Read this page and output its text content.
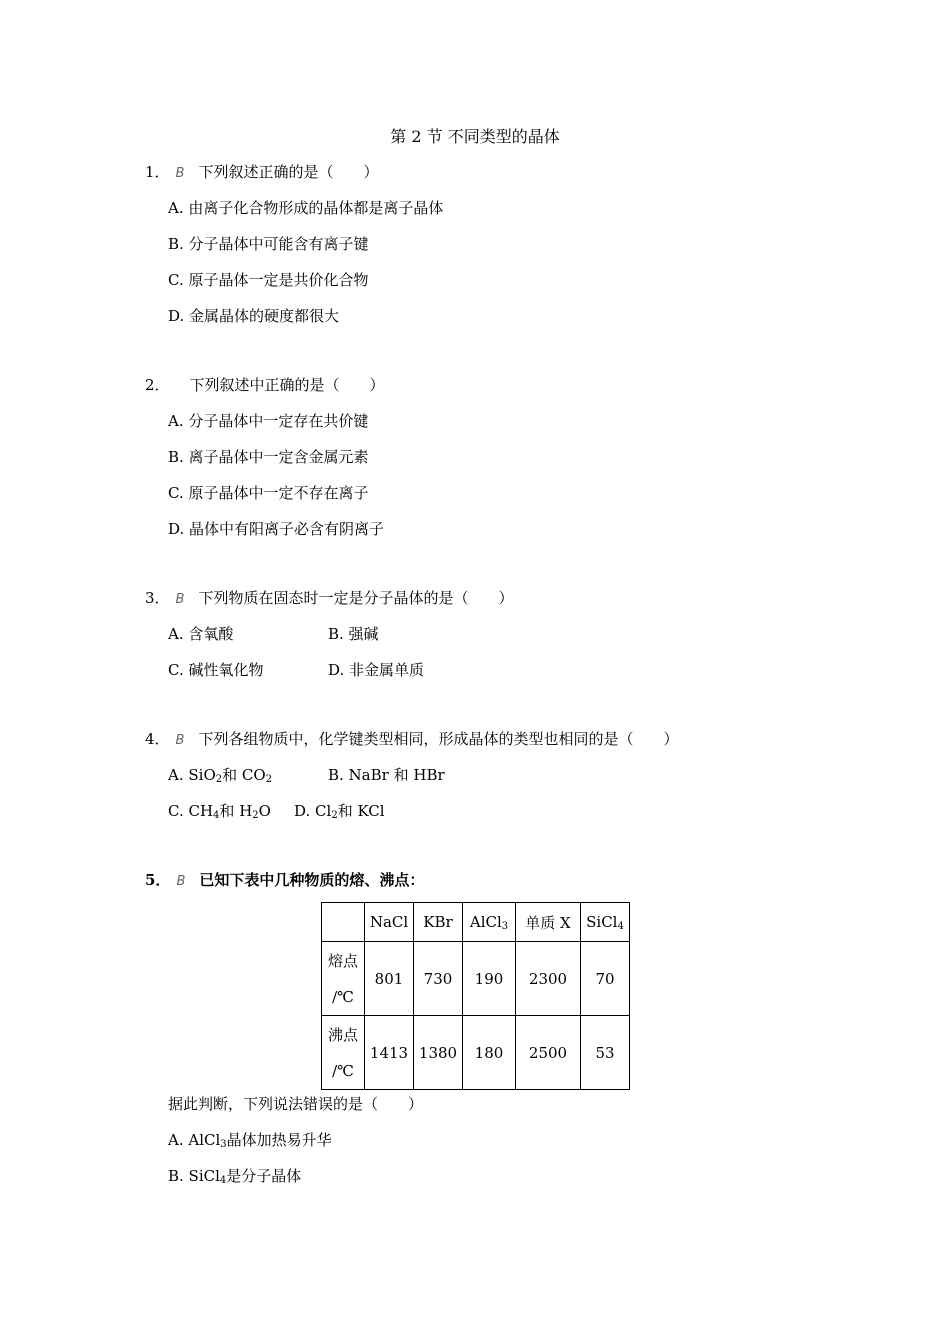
第 2 节 不同类型的晶体
1． B 下列叙述正确的是（　　）
A. 由离子化合物形成的晶体都是离子晶体
B. 分子晶体中可能含有离子键
C. 原子晶体一定是共价化合物
D. 金属晶体的硬度都很大
2． 下列叙述中正确的是（　　）
A. 分子晶体中一定存在共价键
B. 离子晶体中一定含金属元素
C. 原子晶体中一定不存在离子
D. 晶体中有阳离子必含有阴离子
3． B 下列物质在固态时一定是分子晶体的是（　　）
A. 含氧酸	B. 强碱
C. 碱性氧化物	D. 非金属单质
4． B 下列各组物质中，化学键类型相同，形成晶体的类型也相同的是（　　）
A. SiO$_2$和 $CO_2$	B. NaBr 和 HBr
C. $CH_4$和 $H_2O$ D. $Cl_2$和 KCl
5． B 已知下表中几种物质的熔、沸点：
	NaCl	KBr	AlCl$_3$	单质 X	SiCl$_4$
熔点
/℃	801	730	190	2300	70
沸点
/℃	1413	1380	180	2500	53
据此判断，下列说法错误的是（　　）
A. AlCl$_3$晶体加热易升华
B. SiCl$_4$是分子晶体
